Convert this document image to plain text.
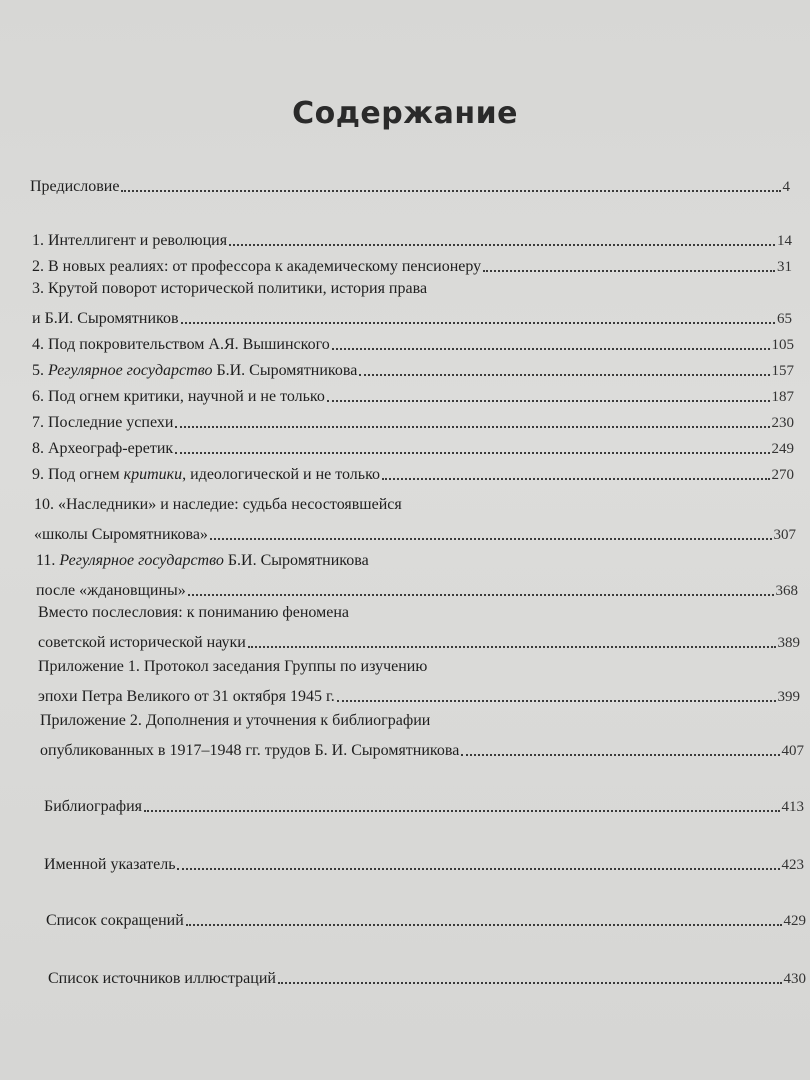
Содержание
Предисловие	4
1. Интеллигент и революция	14
2. В новых реалиях: от профессора к академическому пенсионеру	31
3. Крутой поворот исторической политики, история права
и Б.И. Сыромятников	65
4. Под покровительством А.Я. Вышинского	105
5. Регулярное государство Б.И. Сыромятникова	157
6. Под огнем критики, научной и не только	187
7. Последние успехи	230
8. Археограф-еретик	249
9. Под огнем критики, идеологической и не только	270
10. «Наследники» и наследие: судьба несостоявшейся
«школы Сыромятникова»	307
11. Регулярное государство Б.И. Сыромятникова
после «ждановщины»	368
Вместо послесловия: к пониманию феномена
советской исторической науки	389
Приложение 1. Протокол заседания Группы по изучению
эпохи Петра Великого от 31 октября 1945 г.	399
Приложение 2. Дополнения и уточнения к библиографии
опубликованных в 1917–1948 гг. трудов Б. И. Сыромятникова	407
Библиография	413
Именной указатель	423
Список сокращений	429
Список источников иллюстраций	430
